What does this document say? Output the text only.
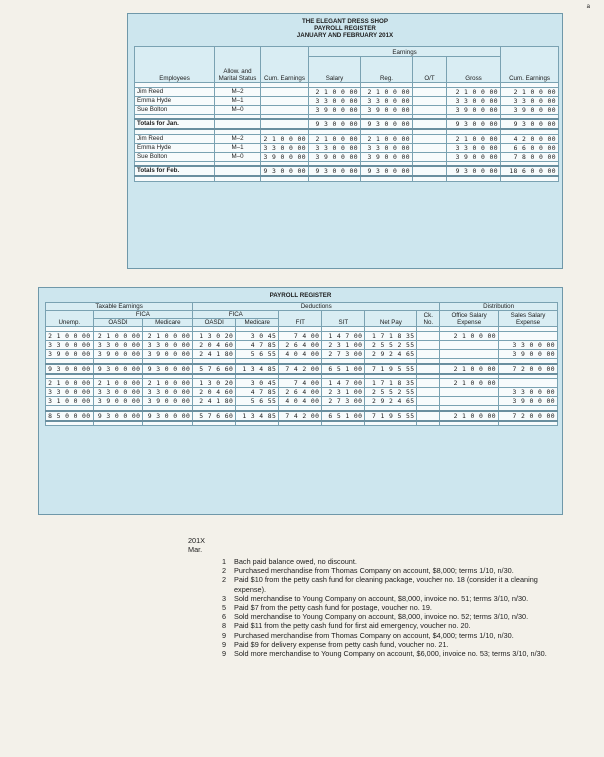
a
THE ELEGANT DRESS SHOP
PAYROLL REGISTER
JANUARY AND FEBRUARY 201X
Employees	Allow. and Marital Status	Cum. Earnings	Earnings				Cum. Earnings
			Salary	Reg.	O/T	Gross	

Jim Reed	M–2		2 1 0 0 00	2 1 0 0 00		2 1 0 0 00	2 1 0 0 00
Emma Hyde	M–1		3 3 0 0 00	3 3 0 0 00		3 3 0 0 00	3 3 0 0 00
Sue Bolton	M–0		3 9 0 0 00	3 9 0 0 00		3 9 0 0 00	3 9 0 0 00

Totals for Jan.			9 3 0 0 00	9 3 0 0 00		9 3 0 0 00	9 3 0 0 00

Jim Reed	M–2	2 1 0 0 00	2 1 0 0 00	2 1 0 0 00		2 1 0 0 00	4 2 0 0 00
Emma Hyde	M–1	3 3 0 0 00	3 3 0 0 00	3 3 0 0 00		3 3 0 0 00	6 6 0 0 00
Sue Bolton	M–0	3 9 0 0 00	3 9 0 0 00	3 9 0 0 00		3 9 0 0 00	7 8 0 0 00

Totals for Feb.		9 3 0 0 00	9 3 0 0 00	9 3 0 0 00		9 3 0 0 00	18 6 0 0 00

PAYROLL REGISTER
Taxable Earnings			Deductions						Distribution	
Unemp.	FICA		FICA		FIT	SIT	Net Pay	Ck. No.	Office Salary Expense	Sales Salary Expense
	OASDI	Medicare	OASDI	Medicare						

2 1 0 0 00	2 1 0 0 00	2 1 0 0 00	1 3 0 20	3 0 45	7 4 00	1 4 7 00	1 7 1 8 35		2 1 0 0 00	
3 3 0 0 00	3 3 0 0 00	3 3 0 0 00	2 0 4 60	4 7 85	2 6 4 00	2 3 1 00	2 5 5 2 55			3 3 0 0 00
3 9 0 0 00	3 9 0 0 00	3 9 0 0 00	2 4 1 80	5 6 55	4 0 4 00	2 7 3 00	2 9 2 4 65			3 9 0 0 00

9 3 0 0 00	9 3 0 0 00	9 3 0 0 00	5 7 6 60	1 3 4 85	7 4 2 00	6 5 1 00	7 1 9 5 55		2 1 0 0 00	7 2 0 0 00

2 1 0 0 00	2 1 0 0 00	2 1 0 0 00	1 3 0 20	3 0 45	7 4 00	1 4 7 00	1 7 1 8 35		2 1 0 0 00	
3 3 0 0 00	3 3 0 0 00	3 3 0 0 00	2 0 4 60	4 7 85	2 6 4 00	2 3 1 00	2 5 5 2 55			3 3 0 0 00
3 1 0 0 00	3 9 0 0 00	3 9 0 0 00	2 4 1 80	5 6 55	4 0 4 00	2 7 3 00	2 9 2 4 65			3 9 0 0 00

8 5 0 0 00	9 3 0 0 00	9 3 0 0 00	5 7 6 60	1 3 4 85	7 4 2 00	6 5 1 00	7 1 9 5 55		2 1 0 0 00	7 2 0 0 00

201X
Mar.
1	Bach paid balance owed, no discount.
2	Purchased merchandise from Thomas Company on account, $8,000; terms 1/10, n/30.
2	Paid $10 from the petty cash fund for cleaning package, voucher no. 18 (consider it a cleaning expense).
3	Sold merchandise to Young Company on account, $8,000, invoice no. 51; terms 3/10, n/30.
5	Paid $7 from the petty cash fund for postage, voucher no. 19.
6	Sold merchandise to Young Company on account, $8,000, invoice no. 52; terms 3/10, n/30.
8	Paid $11 from the petty cash fund for first aid emergency, voucher no. 20.
9	Purchased merchandise from Thomas Company on account, $4,000; terms 1/10, n/30.
9	Paid $9 for delivery expense from petty cash fund, voucher no. 21.
9	Sold more merchandise to Young Company on account, $6,000, invoice no. 53; terms 3/10, n/30.
